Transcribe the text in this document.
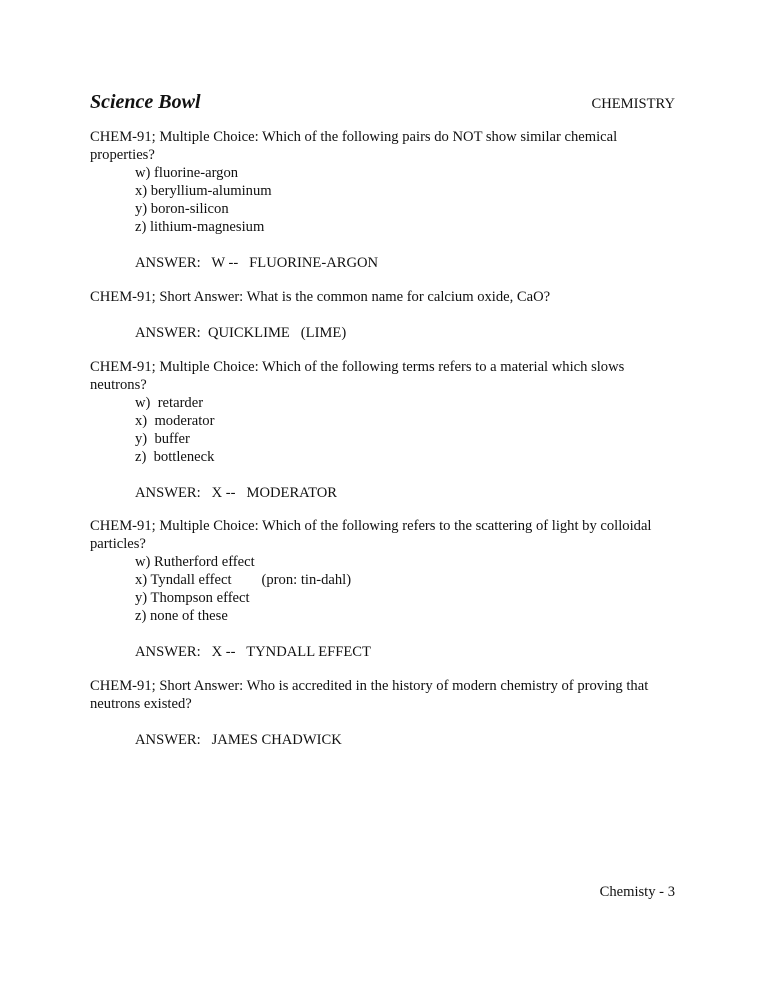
Science Bowl	CHEMISTRY

CHEM-91; Multiple Choice: Which of the following pairs do NOT show similar chemical properties?

w) fluorine-argon
x) beryllium-aluminum
y) boron-silicon
z) lithium-magnesium
ANSWER:   W --   FLUORINE-ARGON

CHEM-91; Short Answer: What is the common name for calcium oxide, CaO?

ANSWER:  QUICKLIME   (LIME)

CHEM-91; Multiple Choice: Which of the following terms refers to a material which slows neutrons?

w)  retarder
x)  moderator
y)  buffer
z)  bottleneck
ANSWER:   X --   MODERATOR

CHEM-91; Multiple Choice: Which of the following refers to the scattering of light by colloidal particles?

w) Rutherford effect
x) Tyndall effect (pron: tin-dahl)
y) Thompson effect
z) none of these
ANSWER:   X --   TYNDALL EFFECT

CHEM-91; Short Answer: Who is accredited in the history of modern chemistry of proving that neutrons existed?

ANSWER:   JAMES CHADWICK
Chemisty - 3
